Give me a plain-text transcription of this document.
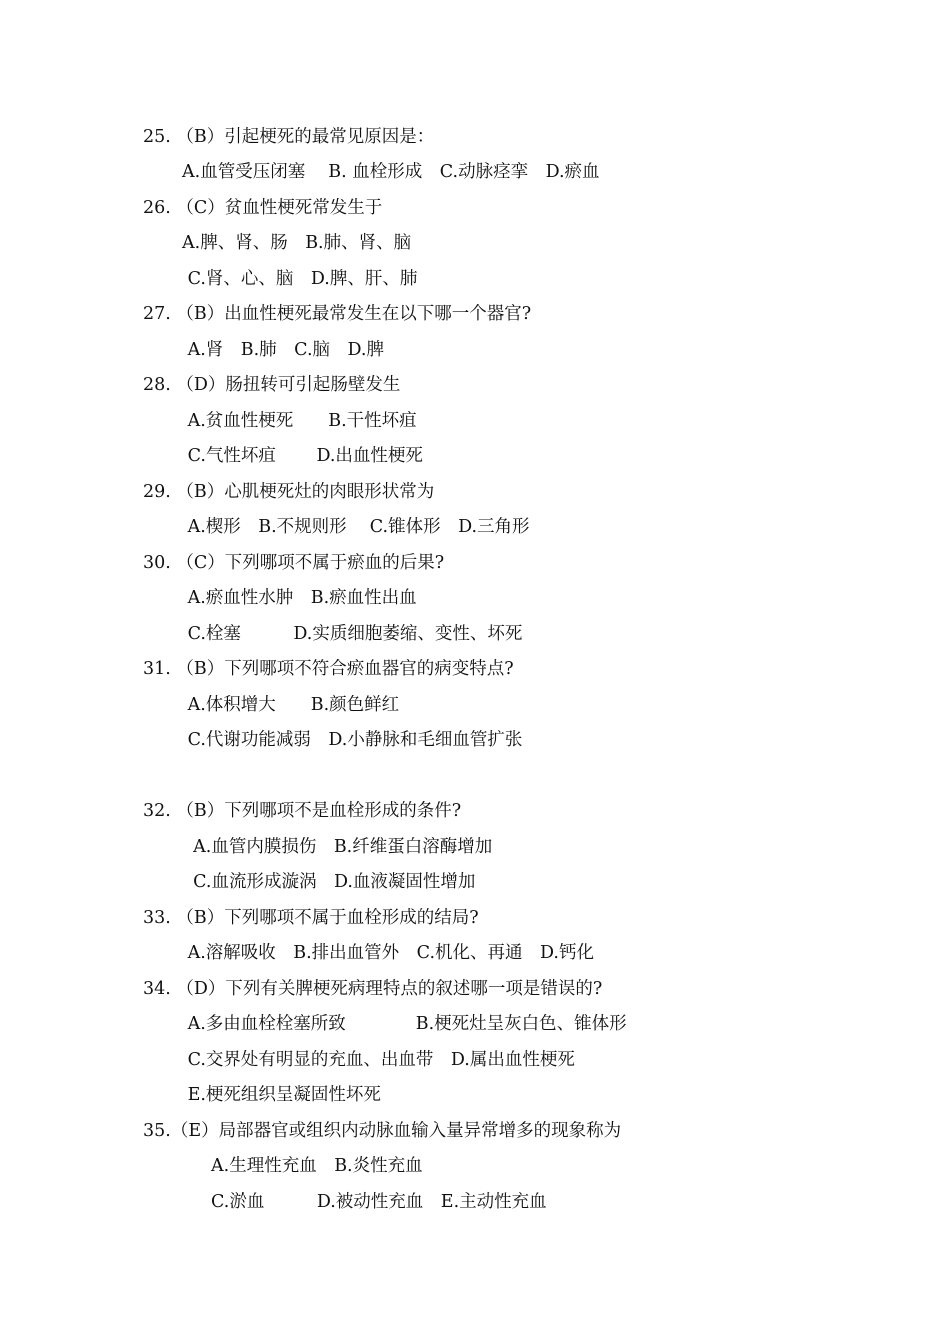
25. （B）引起梗死的最常见原因是：
A.血管受压闭塞　 B. 血栓形成　C.动脉痉挛　D.瘀血
26. （C）贫血性梗死常发生于
A.脾、肾、肠　B.肺、肾、脑
C.肾、心、脑　D.脾、肝、肺
27. （B）出血性梗死最常发生在以下哪一个器官?
A.肾　B.肺　C.脑　D.脾
28. （D）肠扭转可引起肠壁发生
A.贫血性梗死　　B.干性坏疽
C.气性坏疽　　 D.出血性梗死
29. （B）心肌梗死灶的肉眼形状常为
A.楔形　B.不规则形　 C.锥体形　D.三角形
30. （C）下列哪项不属于瘀血的后果?
A.瘀血性水肿　B.瘀血性出血
C.栓塞　　　D.实质细胞萎缩、变性、坏死
31. （B）下列哪项不符合瘀血器官的病变特点?
A.体积增大　　B.颜色鲜红
C.代谢功能减弱　D.小静脉和毛细血管扩张
32. （B）下列哪项不是血栓形成的条件?
A.血管内膜损伤　B.纤维蛋白溶酶增加
C.血流形成漩涡　D.血液凝固性增加
33. （B）下列哪项不属于血栓形成的结局?
A.溶解吸收　B.排出血管外　C.机化、再通　D.钙化
34. （D）下列有关脾梗死病理特点的叙述哪一项是错误的?
A.多由血栓栓塞所致　　　　B.梗死灶呈灰白色、锥体形
C.交界处有明显的充血、出血带　D.属出血性梗死
E.梗死组织呈凝固性坏死
35.（E）局部器官或组织内动脉血输入量异常增多的现象称为
A.生理性充血　B.炎性充血
C.淤血　　　D.被动性充血　E.主动性充血
